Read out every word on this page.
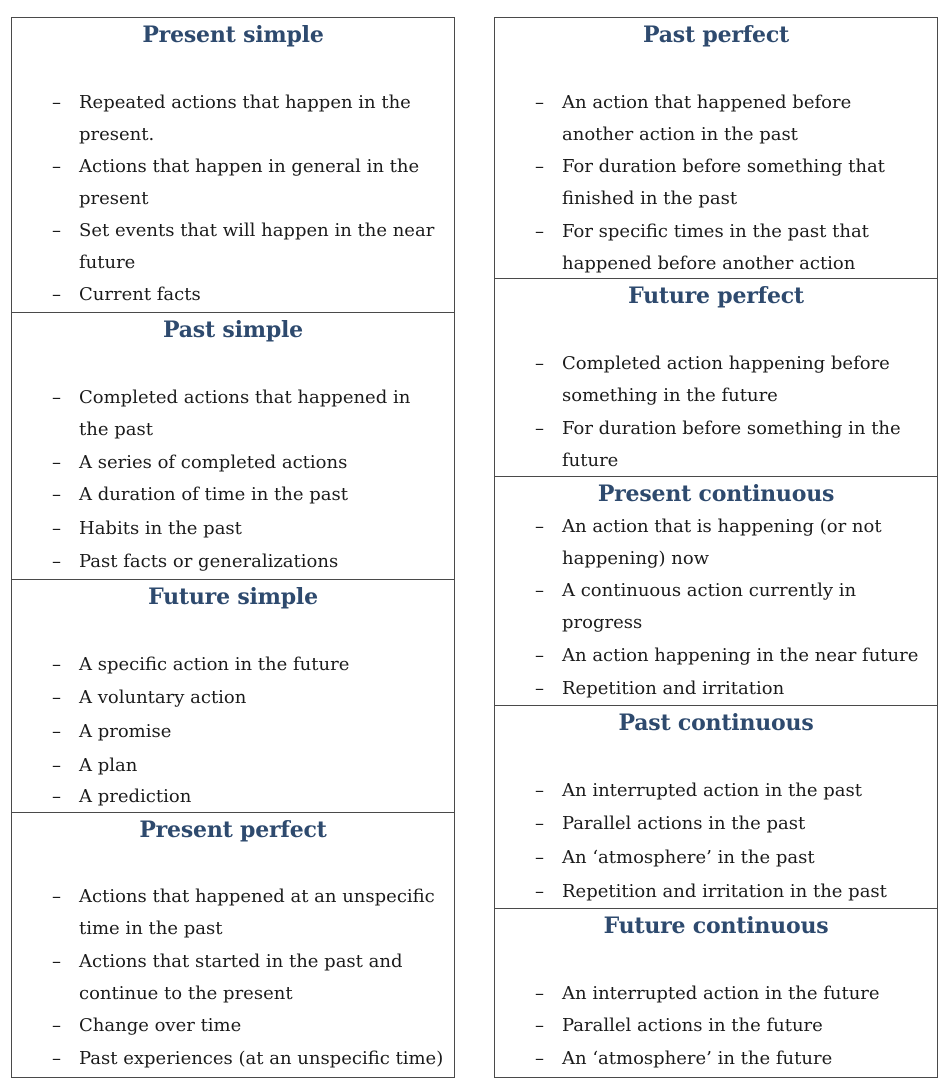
Present simple
– Repeated actions that happen in the
present.
– Actions that happen in general in the
present
– Set events that will happen in the near
future
– Current facts
Past simple
– Completed actions that happened in
the past
– A series of completed actions
– A duration of time in the past
– Habits in the past
– Past facts or generalizations
Future simple
– A specific action in the future
– A voluntary action
– A promise
– A plan
– A prediction
Present perfect
– Actions that happened at an unspecific
time in the past
– Actions that started in the past and
continue to the present
– Change over time
– Past experiences (at an unspecific time)
Past perfect
– An action that happened before
another action in the past
– For duration before something that
finished in the past
– For specific times in the past that
happened before another action
Future perfect
– Completed action happening before
something in the future
– For duration before something in the
future
Present continuous
– An action that is happening (or not
happening) now
– A continuous action currently in
progress
– An action happening in the near future
– Repetition and irritation
Past continuous
– An interrupted action in the past
– Parallel actions in the past
– An ‘atmosphere’ in the past
– Repetition and irritation in the past
Future continuous
– An interrupted action in the future
– Parallel actions in the future
– An ‘atmosphere’ in the future
